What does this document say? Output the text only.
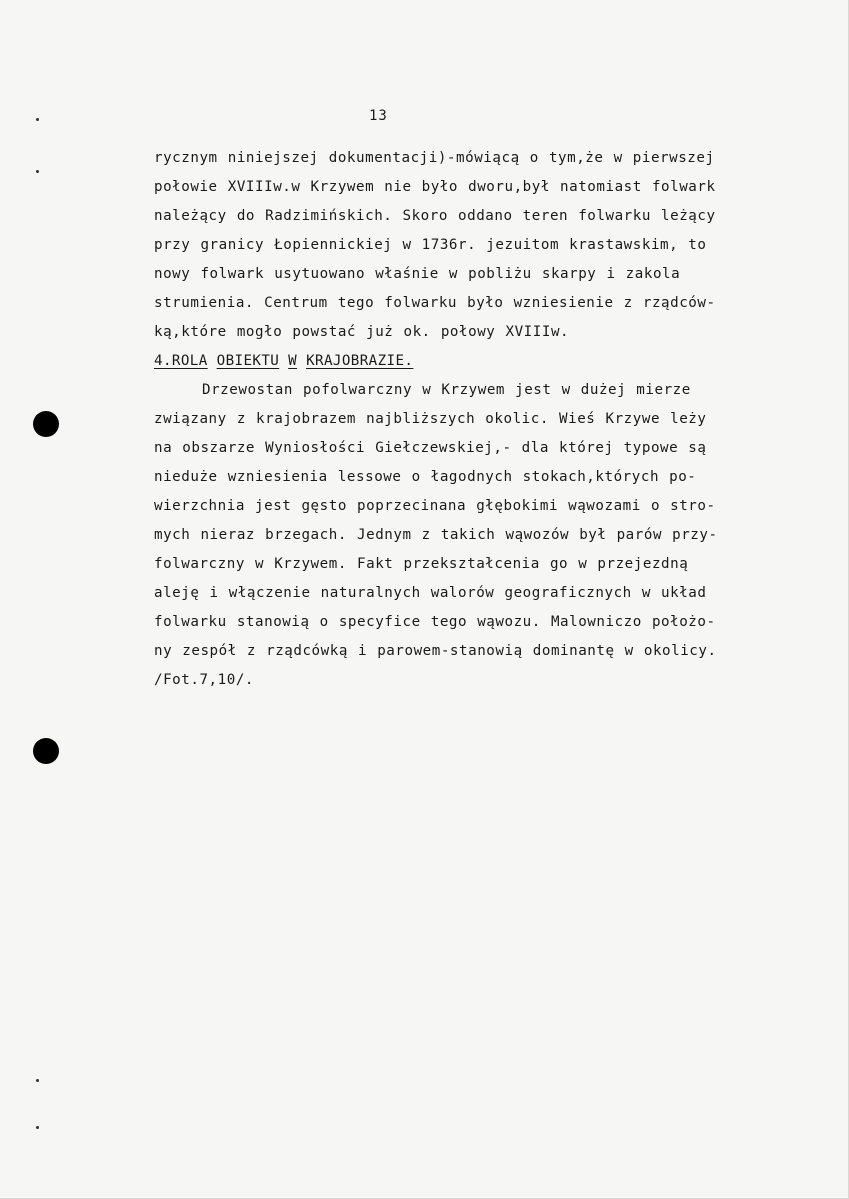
13
rycznym niniejszej dokumentacji)-mówiącą o tym,że w pierwszej
połowie XVIIIw.w Krzywem nie było dworu,był natomiast folwark
należący do Radzimińskich. Skoro oddano teren folwarku leżący
przy granicy Łopiennickiej w 1736r. jezuitom krastawskim, to
nowy folwark usytuowano właśnie w pobliżu skarpy i zakola
strumienia. Centrum tego folwarku było wzniesienie z rządców-
ką,które mogło powstać już ok. połowy XVIIIw.
4.ROLA OBIEKTU W KRAJOBRAZIE.
Drzewostan pofolwarczny w Krzywem jest w dużej mierze
związany z krajobrazem najbliższych okolic. Wieś Krzywe leży
na obszarze Wyniosłości Giełczewskiej,- dla której typowe są
nieduże wzniesienia lessowe o łagodnych stokach,których po-
wierzchnia jest gęsto poprzecinana głębokimi wąwozami o stro-
mych nieraz brzegach. Jednym z takich wąwozów był parów przy-
folwarczny w Krzywem. Fakt przekształcenia go w przejezdną
aleję i włączenie naturalnych walorów geograficznych w układ
folwarku stanowią o specyfice tego wąwozu. Malowniczo położo-
ny zespół z rządcówką i parowem-stanowią dominantę w okolicy.
/Fot.7,10/.
